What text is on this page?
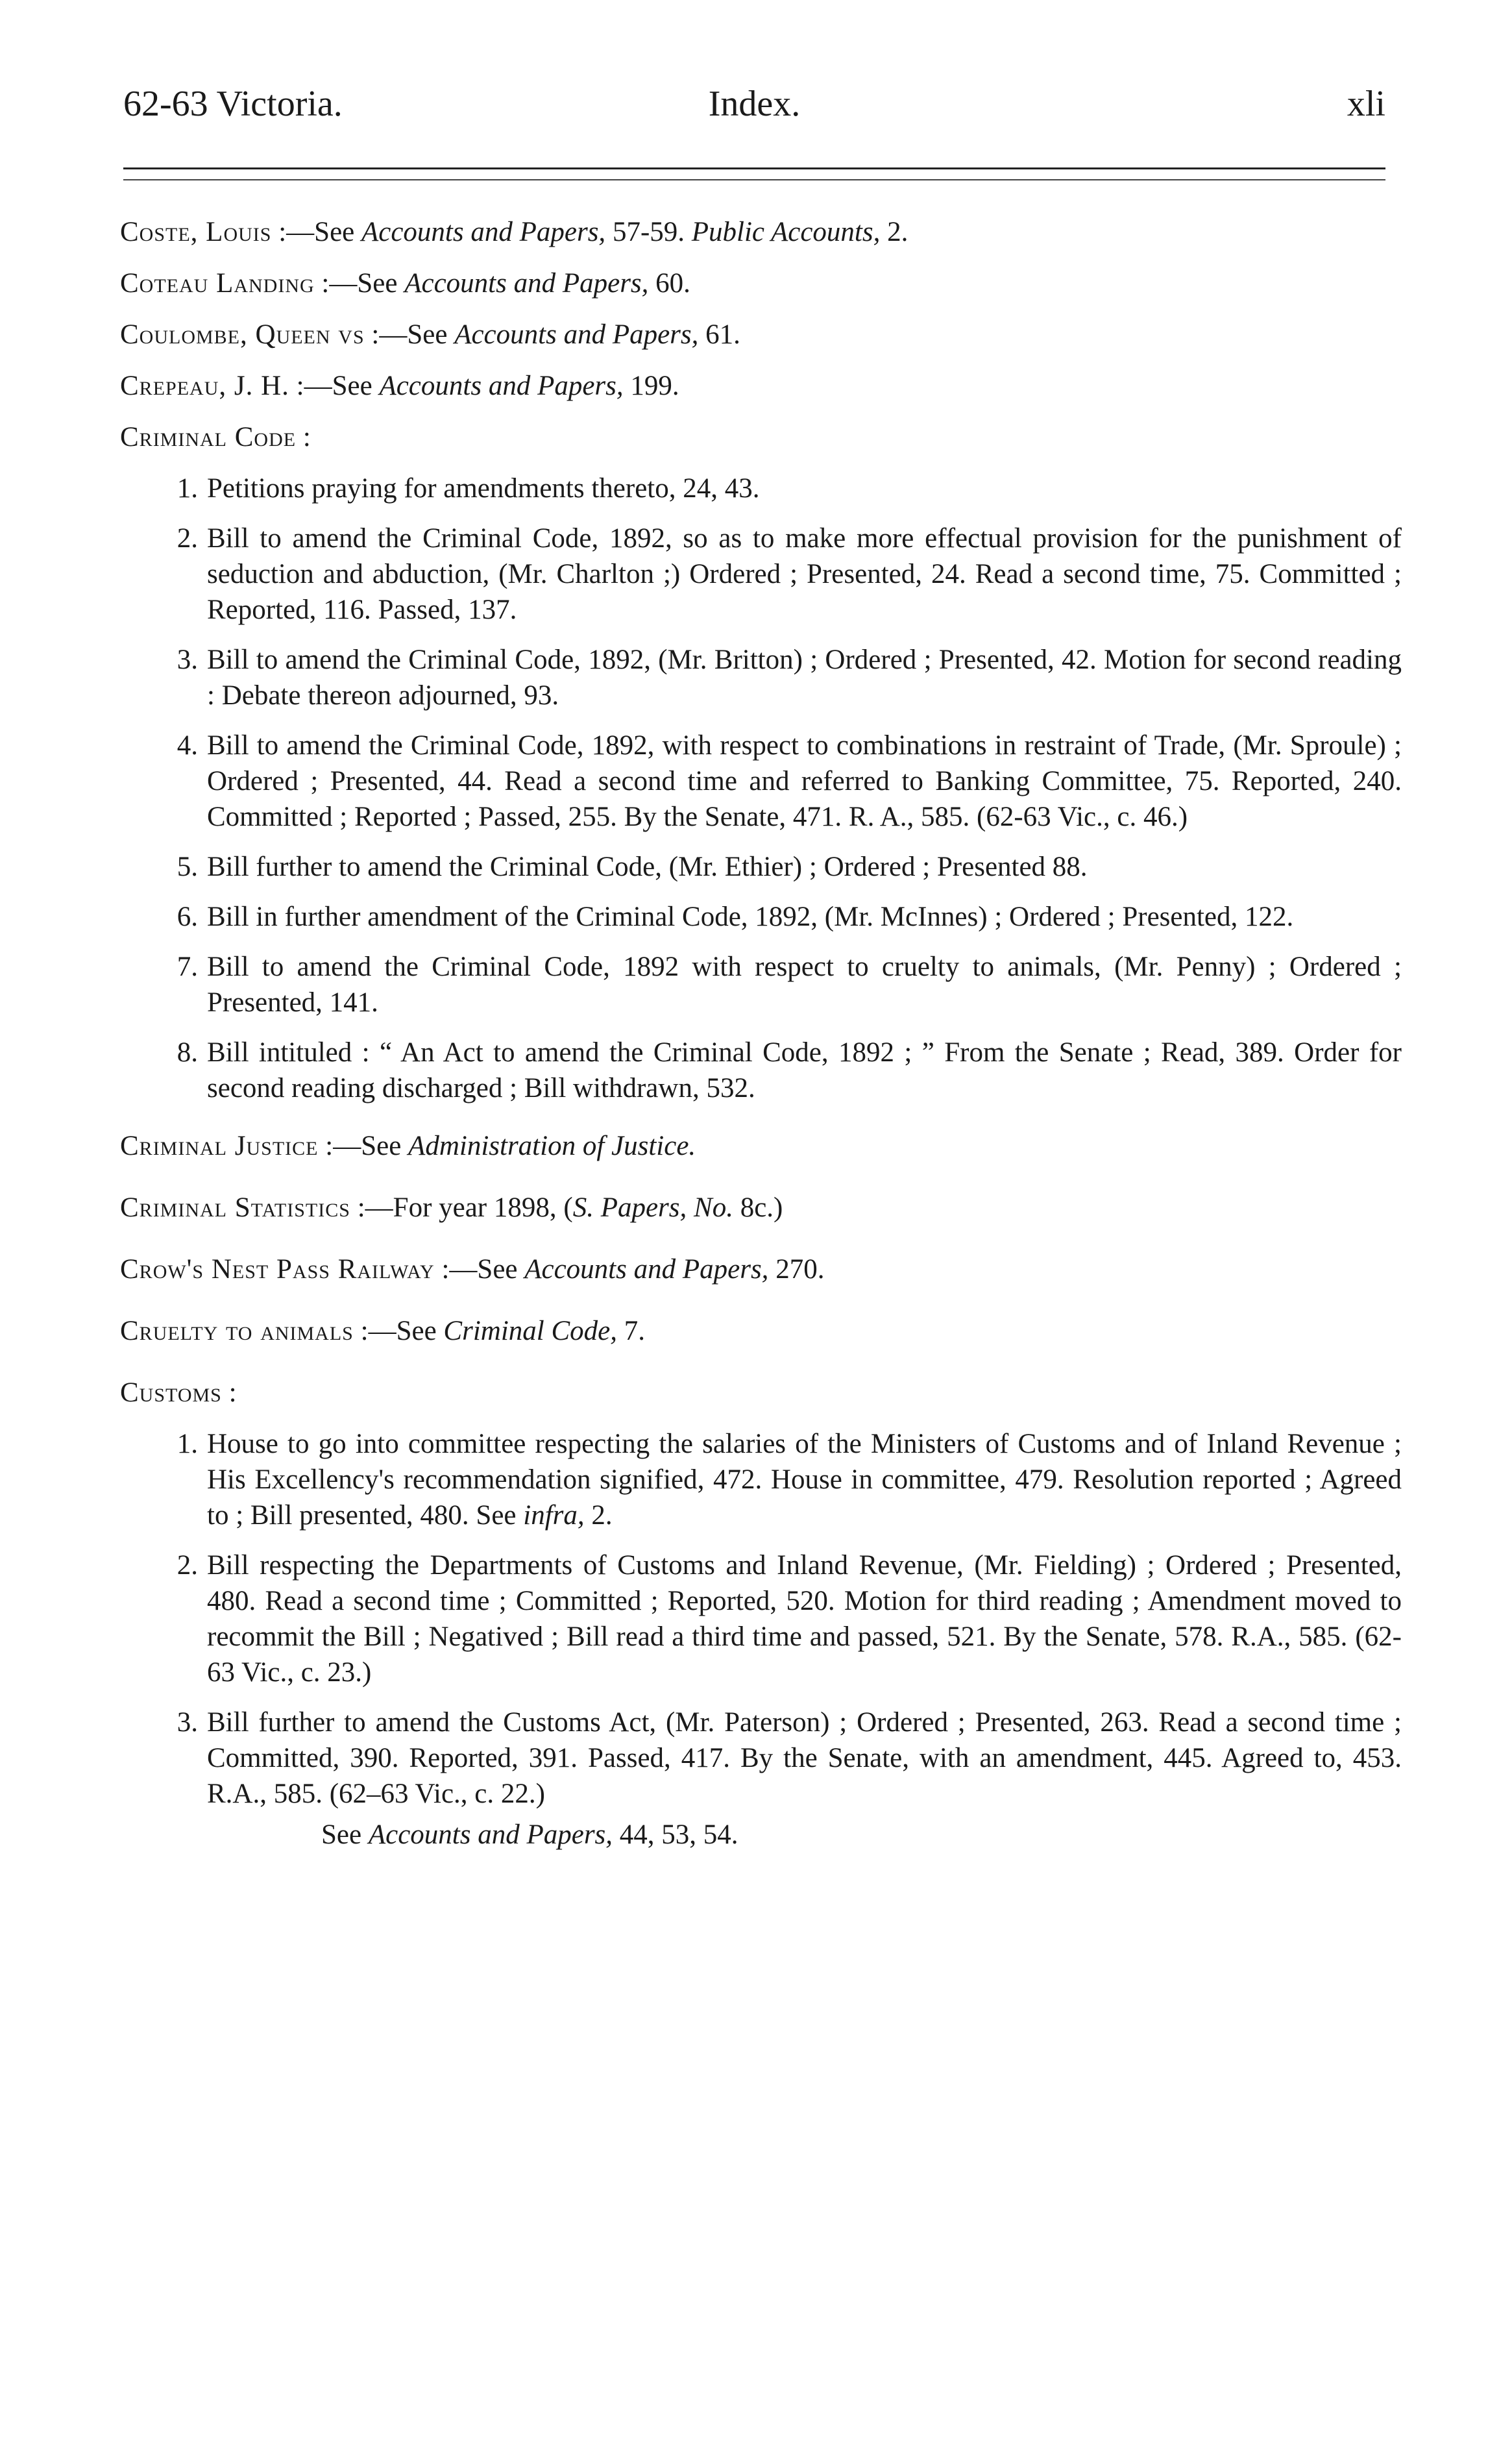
62-63 Victoria.	Index.	xli
Coste, Louis :—See Accounts and Papers, 57-59. Public Accounts, 2.
Coteau Landing :—See Accounts and Papers, 60.
Coulombe, Queen vs :—See Accounts and Papers, 61.
Crepeau, J. H. :—See Accounts and Papers, 199.
Criminal Code :
1. Petitions praying for amendments thereto, 24, 43.
2. Bill to amend the Criminal Code, 1892, so as to make more effectual provision for the punishment of seduction and abduction, (Mr. Charlton ;) Ordered ; Presented, 24. Read a second time, 75. Committed ; Reported, 116. Passed, 137.
3. Bill to amend the Criminal Code, 1892, (Mr. Britton) ; Ordered ; Presented, 42. Motion for second reading : Debate thereon adjourned, 93.
4. Bill to amend the Criminal Code, 1892, with respect to combinations in restraint of Trade, (Mr. Sproule) ; Ordered ; Presented, 44. Read a second time and referred to Banking Committee, 75. Reported, 240. Committed ; Reported ; Passed, 255. By the Senate, 471. R. A., 585. (62-63 Vic., c. 46.)
5. Bill further to amend the Criminal Code, (Mr. Ethier) ; Ordered ; Presented 88.
6. Bill in further amendment of the Criminal Code, 1892, (Mr. McInnes) ; Ordered ; Presented, 122.
7. Bill to amend the Criminal Code, 1892 with respect to cruelty to animals, (Mr. Penny) ; Ordered ; Presented, 141.
8. Bill intituled : “ An Act to amend the Criminal Code, 1892 ; ” From the Senate ; Read, 389. Order for second reading discharged ; Bill withdrawn, 532.
Criminal Justice :—See Administration of Justice.
Criminal Statistics :—For year 1898, (S. Papers, No. 8c.)
Crow's Nest Pass Railway :—See Accounts and Papers, 270.
Cruelty to animals :—See Criminal Code, 7.
Customs :
1. House to go into committee respecting the salaries of the Ministers of Customs and of Inland Revenue ; His Excellency's recommendation signified, 472. House in committee, 479. Resolution reported ; Agreed to ; Bill presented, 480. See infra, 2.
2. Bill respecting the Departments of Customs and Inland Revenue, (Mr. Fielding) ; Ordered ; Presented, 480. Read a second time ; Committed ; Reported, 520. Motion for third reading ; Amendment moved to recommit the Bill ; Negatived ; Bill read a third time and passed, 521. By the Senate, 578. R.A., 585. (62-63 Vic., c. 23.)
3. Bill further to amend the Customs Act, (Mr. Paterson) ; Ordered ; Presented, 263. Read a second time ; Committed, 390. Reported, 391. Passed, 417. By the Senate, with an amendment, 445. Agreed to, 453. R.A., 585. (62–63 Vic., c. 22.)
See Accounts and Papers, 44, 53, 54.
